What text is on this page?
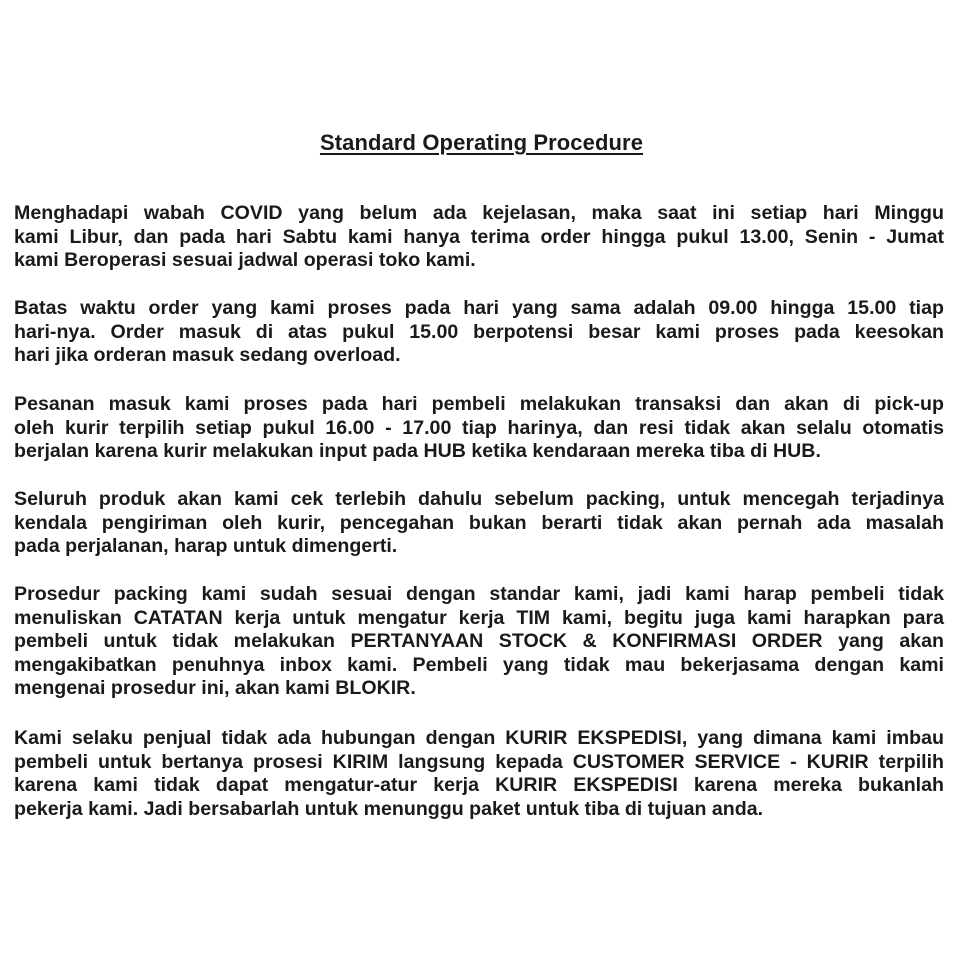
Standard Operating Procedure
Menghadapi wabah COVID yang belum ada kejelasan, maka saat ini setiap hari Minggu
kami Libur, dan pada hari Sabtu kami hanya terima order hingga pukul 13.00, Senin - Jumat
kami Beroperasi sesuai jadwal operasi toko kami.
Batas waktu order yang kami proses pada hari yang sama adalah 09.00 hingga 15.00 tiap
hari-nya. Order masuk di atas pukul 15.00 berpotensi besar kami proses pada keesokan
hari jika orderan masuk sedang overload.
Pesanan masuk kami proses pada hari pembeli melakukan transaksi dan akan di pick-up
oleh kurir terpilih setiap pukul 16.00 - 17.00 tiap harinya, dan resi tidak akan selalu otomatis
berjalan karena kurir melakukan input pada HUB ketika kendaraan mereka tiba di HUB.
Seluruh produk akan kami cek terlebih dahulu sebelum packing, untuk mencegah terjadinya
kendala pengiriman oleh kurir, pencegahan bukan berarti tidak akan pernah ada masalah
pada perjalanan, harap untuk dimengerti.
Prosedur packing kami sudah sesuai dengan standar kami, jadi kami harap pembeli tidak
menuliskan CATATAN kerja untuk mengatur kerja TIM kami, begitu juga kami harapkan para
pembeli untuk tidak melakukan PERTANYAAN STOCK & KONFIRMASI ORDER yang akan
mengakibatkan penuhnya inbox kami. Pembeli yang tidak mau bekerjasama dengan kami
mengenai prosedur ini, akan kami BLOKIR.
Kami selaku penjual tidak ada hubungan dengan KURIR EKSPEDISI, yang dimana kami imbau
pembeli untuk bertanya prosesi KIRIM langsung kepada CUSTOMER SERVICE - KURIR terpilih
karena kami tidak dapat mengatur-atur kerja KURIR EKSPEDISI karena mereka bukanlah
pekerja kami. Jadi bersabarlah untuk menunggu paket untuk tiba di tujuan anda.
